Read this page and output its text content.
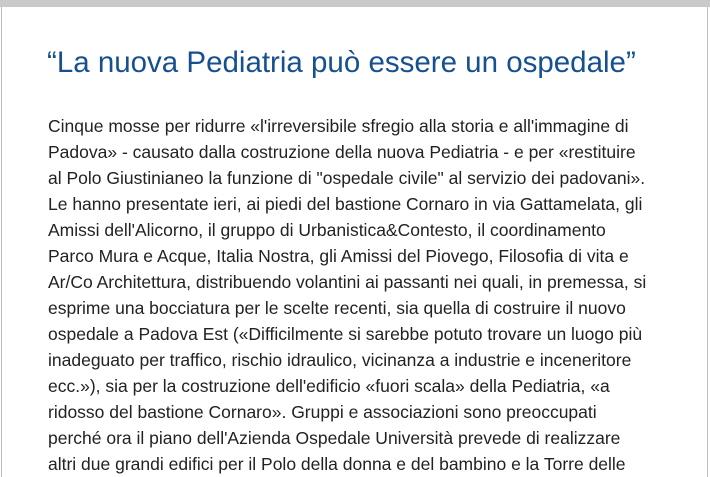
“La nuova Pediatria può essere un ospedale”

Cinque mosse per ridurre «l'irreversibile sfregio alla storia e all'immagine di
Padova» - causato dalla costruzione della nuova Pediatria - e per «restituire
al Polo Giustinianeo la funzione di "ospedale civile" al servizio dei padovani».
Le hanno presentate ieri, ai piedi del bastione Cornaro in via Gattamelata, gli
Amissi dell'Alicorno, il gruppo di Urbanistica&Contesto, il coordinamento
Parco Mura e Acque, Italia Nostra, gli Amissi del Piovego, Filosofia di vita e
Ar/Co Architettura, distribuendo volantini ai passanti nei quali, in premessa, si
esprime una bocciatura per le scelte recenti, sia quella di costruire il nuovo
ospedale a Padova Est («Difficilmente si sarebbe potuto trovare un luogo più
inadeguato per traffico, rischio idraulico, vicinanza a industrie e inceneritore
ecc.»), sia per la costruzione dell'edificio «fuori scala» della Pediatria, «a
ridosso del bastione Cornaro». Gruppi e associazioni sono preoccupati
perché ora il piano dell'Azienda Ospedale Università prevede di realizzare
altri due grandi edifici per il Polo della donna e del bambino e la Torre delle
